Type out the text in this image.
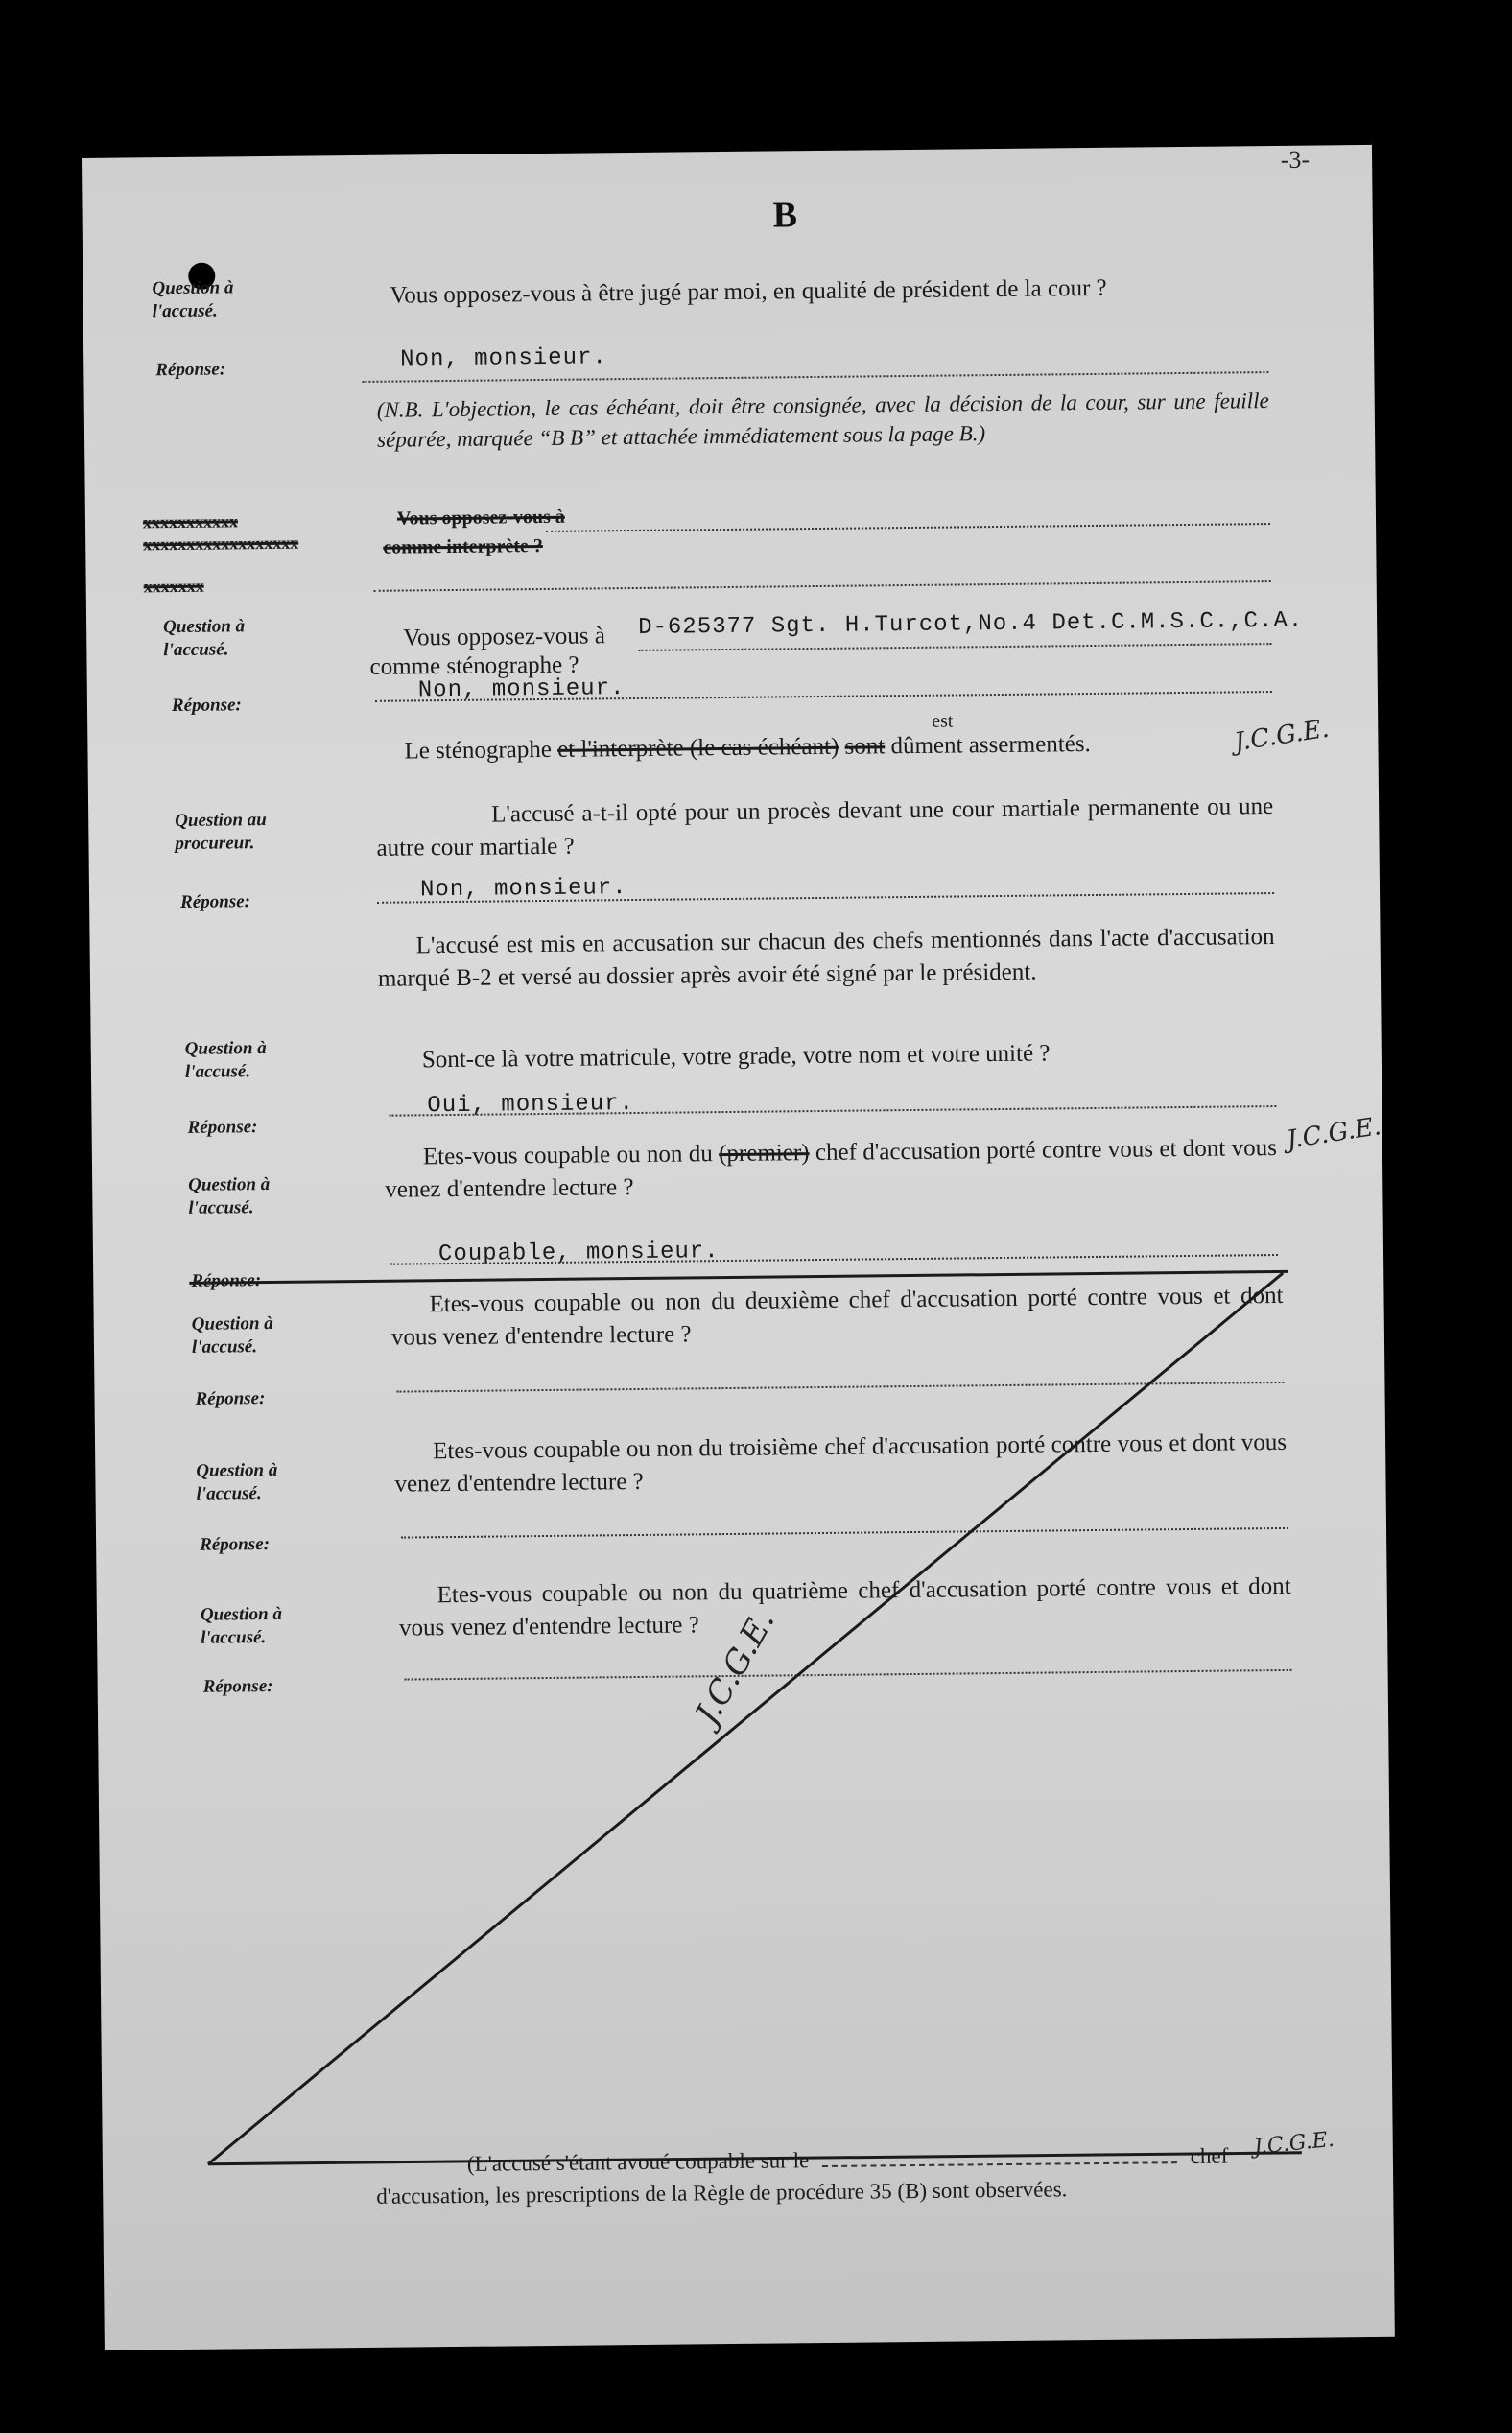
-3-
B
Question à l'accusé.
Vous opposez-vous à être jugé par moi, en qualité de président de la cour ?
Réponse:	Non, monsieur.
(N.B. L'objection, le cas échéant, doit être consignée, avec la décision de la cour, sur une feuille séparée, marquée “B B” et attachée immédiatement sous la page B.)
xxxxxxxxxxx
xxxxxxxxxxxxxxxxxx
Vous opposez-vous à
comme interprète ?
xxxxxxx
Question à l'accusé.	Vous opposez-vous à D-625377 Sgt. H.Turcot,No.4 Det.C.M.S.C.,C.A.
comme sténographe ?
Réponse:
Non, monsieur.
Le sténographe et l'interprète (le cas échéant) sont dûment assermentés.
est	J.C.G.E.
Question au procureur.
L'accusé a-t-il opté pour un procès devant une cour martiale permanente ou une autre cour martiale ?
Réponse:	Non, monsieur.
L'accusé est mis en accusation sur chacun des chefs mentionnés dans l'acte d'accusation marqué B-2 et versé au dossier après avoir été signé par le président.
Question à l'accusé.	Sont-ce là votre matricule, votre grade, votre nom et votre unité ?
Réponse:
Oui, monsieur.
Question à l'accusé.
Etes-vous coupable ou non du (premier) chef d'accusation porté contre vous et dont vous venez d'entendre lecture ?
J.C.G.E.
Coupable, monsieur.
Question à l'accusé.
Etes-vous coupable ou non du deuxième chef d'accusation porté contre vous et dont vous venez d'entendre lecture ?
Réponse:
Question à l'accusé.
Etes-vous coupable ou non du troisième chef d'accusation porté contre vous et dont vous venez d'entendre lecture ?
Réponse:
Question à l'accusé.
Etes-vous coupable ou non du quatrième chef d'accusation porté contre vous et dont vous venez d'entendre lecture ?
J.C.G.E.
Réponse:
(L'accusé s'étant avoué coupable sur le	chef
d'accusation, les prescriptions de la Règle de procédure 35 (B) sont observées.
J.C.G.E.
